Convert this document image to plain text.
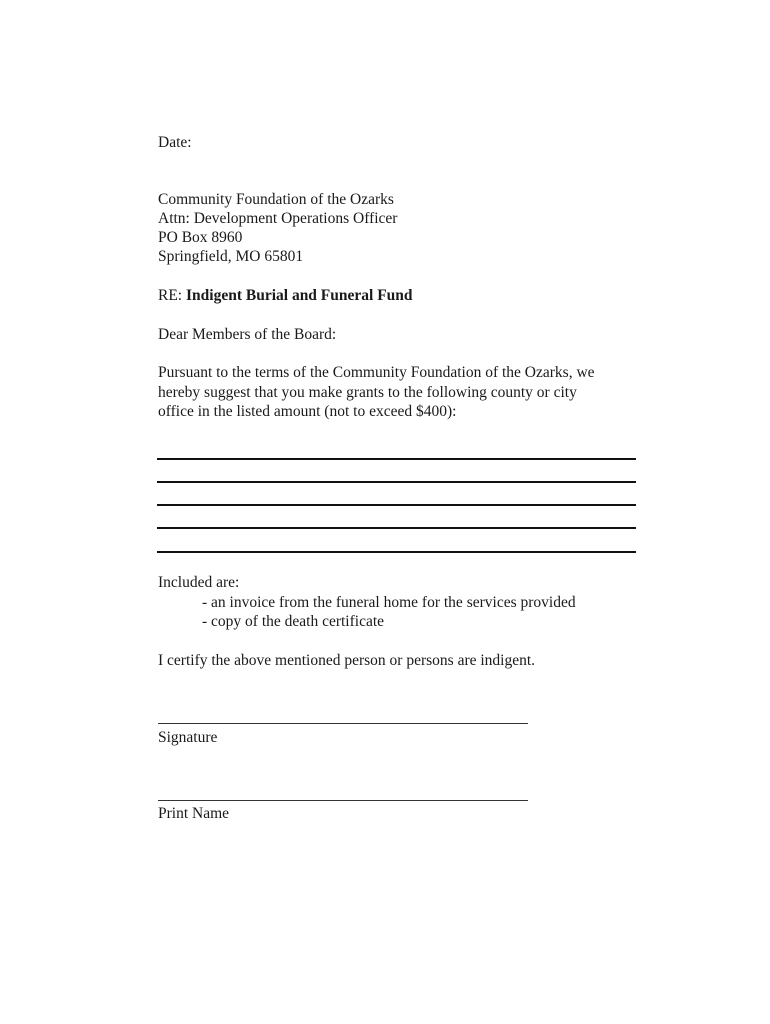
Date:
Community Foundation of the Ozarks
Attn: Development Operations Officer
PO Box 8960
Springfield, MO 65801
RE: Indigent Burial and Funeral Fund
Dear Members of the Board:
Pursuant to the terms of the Community Foundation of the Ozarks, we
hereby suggest that you make grants to the following county or city
office in the listed amount (not to exceed $400):
Included are:
- an invoice from the funeral home for the services provided
- copy of the death certificate
I certify the above mentioned person or persons are indigent.
Signature
Print Name
